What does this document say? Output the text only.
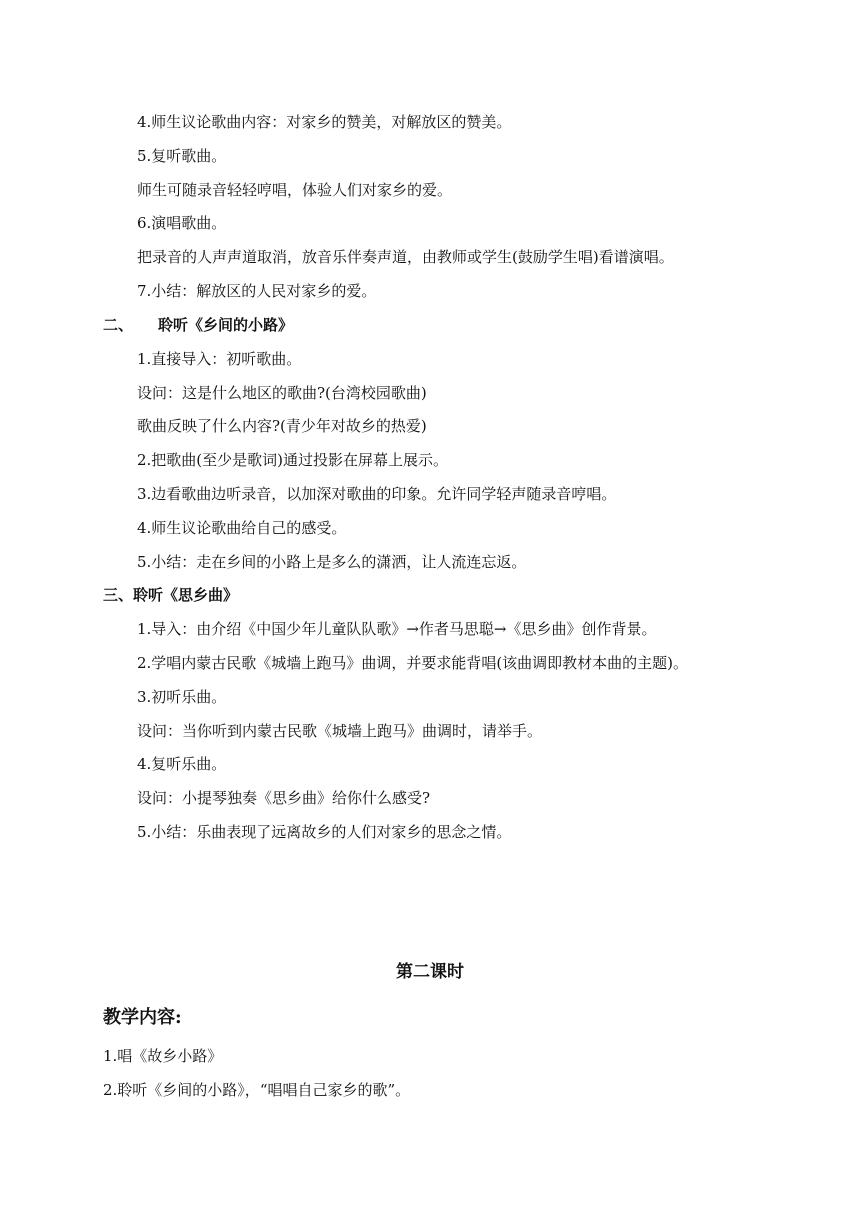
4.师生议论歌曲内容：对家乡的赞美，对解放区的赞美。
5.复听歌曲。
师生可随录音轻轻哼唱，体验人们对家乡的爱。
6.演唱歌曲。
把录音的人声声道取消，放音乐伴奏声道，由教师或学生(鼓励学生唱)看谱演唱。
7.小结：解放区的人民对家乡的爱。
二、 聆听《乡间的小路》
1.直接导入：初听歌曲。
设问：这是什么地区的歌曲?(台湾校园歌曲)
歌曲反映了什么内容?(青少年对故乡的热爱)
2.把歌曲(至少是歌词)通过投影在屏幕上展示。
3.边看歌曲边听录音，以加深对歌曲的印象。允许同学轻声随录音哼唱。
4.师生议论歌曲给自己的感受。
5.小结：走在乡间的小路上是多么的潇洒，让人流连忘返。
三、聆听《思乡曲》
1.导入：由介绍《中国少年儿童队队歌》→作者马思聪→《思乡曲》创作背景。
2.学唱内蒙古民歌《城墙上跑马》曲调，并要求能背唱(该曲调即教材本曲的主题)。
3.初听乐曲。
设问：当你听到内蒙古民歌《城墙上跑马》曲调时，请举手。
4.复听乐曲。
设问：小提琴独奏《思乡曲》给你什么感受?
5.小结：乐曲表现了远离故乡的人们对家乡的思念之情。
第二课时
教学内容:
1.唱《故乡小路》
2.聆听《乡间的小路》，“唱唱自己家乡的歌”。
